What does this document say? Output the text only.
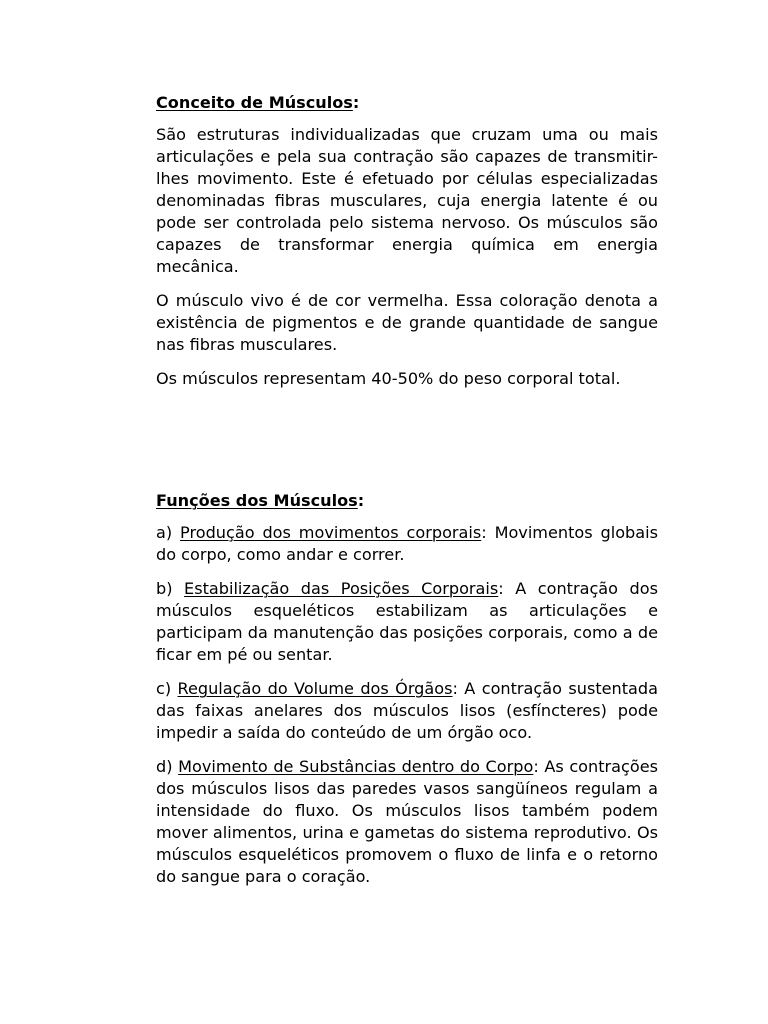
Conceito de Músculos:

São estruturas individualizadas que cruzam uma ou mais articulações e pela sua contração são capazes de transmitir-lhes movimento. Este é efetuado por células especializadas denominadas fibras musculares, cuja energia latente é ou pode ser controlada pelo sistema nervoso. Os músculos são capazes de transformar energia química em energia mecânica.

O músculo vivo é de cor vermelha. Essa coloração denota a existência de pigmentos e de grande quantidade de sangue nas fibras musculares.

Os músculos representam 40-50% do peso corporal total.

Funções dos Músculos:

a) Produção dos movimentos corporais: Movimentos globais do corpo, como andar e correr.

b) Estabilização das Posições Corporais: A contração dos músculos esqueléticos estabilizam as articulações e participam da manutenção das posições corporais, como a de ficar em pé ou sentar.

c) Regulação do Volume dos Órgãos: A contração sustentada das faixas anelares dos músculos lisos (esfíncteres) pode impedir a saída do conteúdo de um órgão oco.

d) Movimento de Substâncias dentro do Corpo: As contrações dos músculos lisos das paredes vasos sangüíneos regulam a intensidade do fluxo. Os músculos lisos também podem mover alimentos, urina e gametas do sistema reprodutivo. Os músculos esqueléticos promovem o fluxo de linfa e o retorno do sangue para o coração.
